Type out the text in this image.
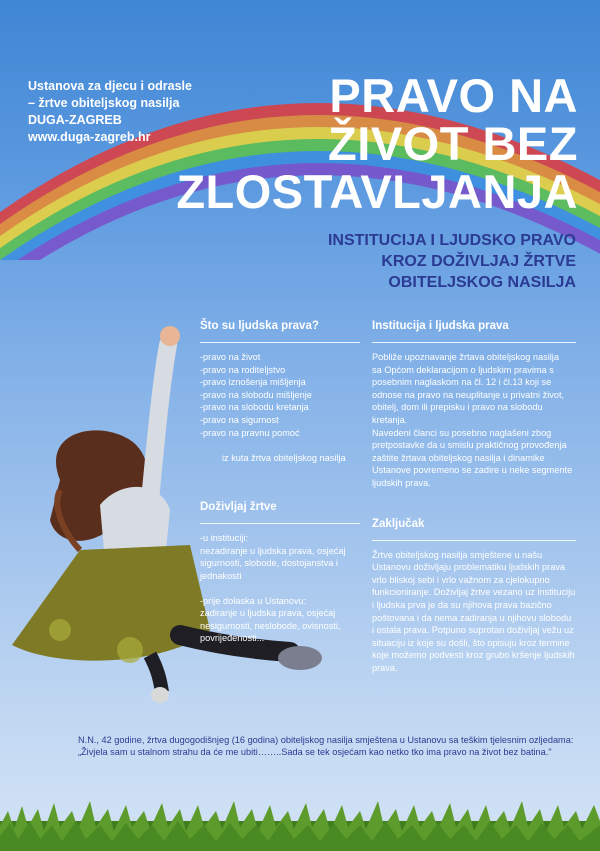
Ustanova za djecu i odrasle
– žrtve obiteljskog nasilja
DUGA-ZAGREB
www.duga-zagreb.hr
PRAVO NA
ŽIVOT BEZ
ZLOSTAVLJANJA
INSTITUCIJA I LJUDSKO PRAVO
KROZ DOŽIVLJAJ ŽRTVE
OBITELJSKOG NASILJA
Što su ljudska prava?
-pravo na život
-pravo na roditeljstvo
-pravo iznošenja mišljenja
-pravo na slobodu mišljenje
-pravo na slobodu kretanja
-pravo na sigurnost
-pravo na pravnu pomoć
iz kuta žrtva obiteljskog nasilja
Doživljaj žrtve
-u instituciji:
nezadiranje u ljudska prava, osjećaj
sigurnosti, slobode, dostojanstva i
jednakosti
-prije dolaska u Ustanovu:
zadiranje u ljudska prava, osjećaj
nesigurnosti, neslobode, ovisnosti,
povrijeđenosti...
Institucija i ljudska prava
Pobliže upoznavanje žrtava obiteljskog nasilja
sa Općom deklaracijom o ljudskim pravima s
posebnim naglaskom na čl. 12 i čl.13 koji se
odnose na pravo na neuplitanje u privatni život,
obitelj, dom ili prepisku i pravo na slobodu
kretanja.
Navedeni članci su posebno naglašeni zbog
pretpostavke da u smislu praktičnog provođenja
zaštite žrtava obiteljskog nasilja i dinamike
Ustanove povremeno se zadire u neke segmente
ljudskih prava.
Zaključak
Žrtve obiteljskog nasilja smještene u našu
Ustanovu doživljaju problematiku ljudskih prava
vrlo bliskoj sebi i vrlo važnom za cjelokupno
funkcioniranje. Doživljaj žrtve vezano uz instituciju
i ljudska prva je da su njihova prava bazično
poštovana i da nema zadiranja u njihovu slobodu
i ostala prava. Potpuno suprotan doživljaj vežu uz
situaciju iz koje su došli, što opisuju kroz termine
koje možemo podvesti kroz grubo kršenje ljudskih
prava.
N.N., 42 godine, žrtva dugogodišnjeg (16 godina) obiteljskog nasilja smještena u Ustanovu sa teškim tjelesnim ozljedama:
„Živjela sam u stalnom strahu da će me ubiti……..Sada se tek osjećam kao netko tko ima pravo na život bez batina."
